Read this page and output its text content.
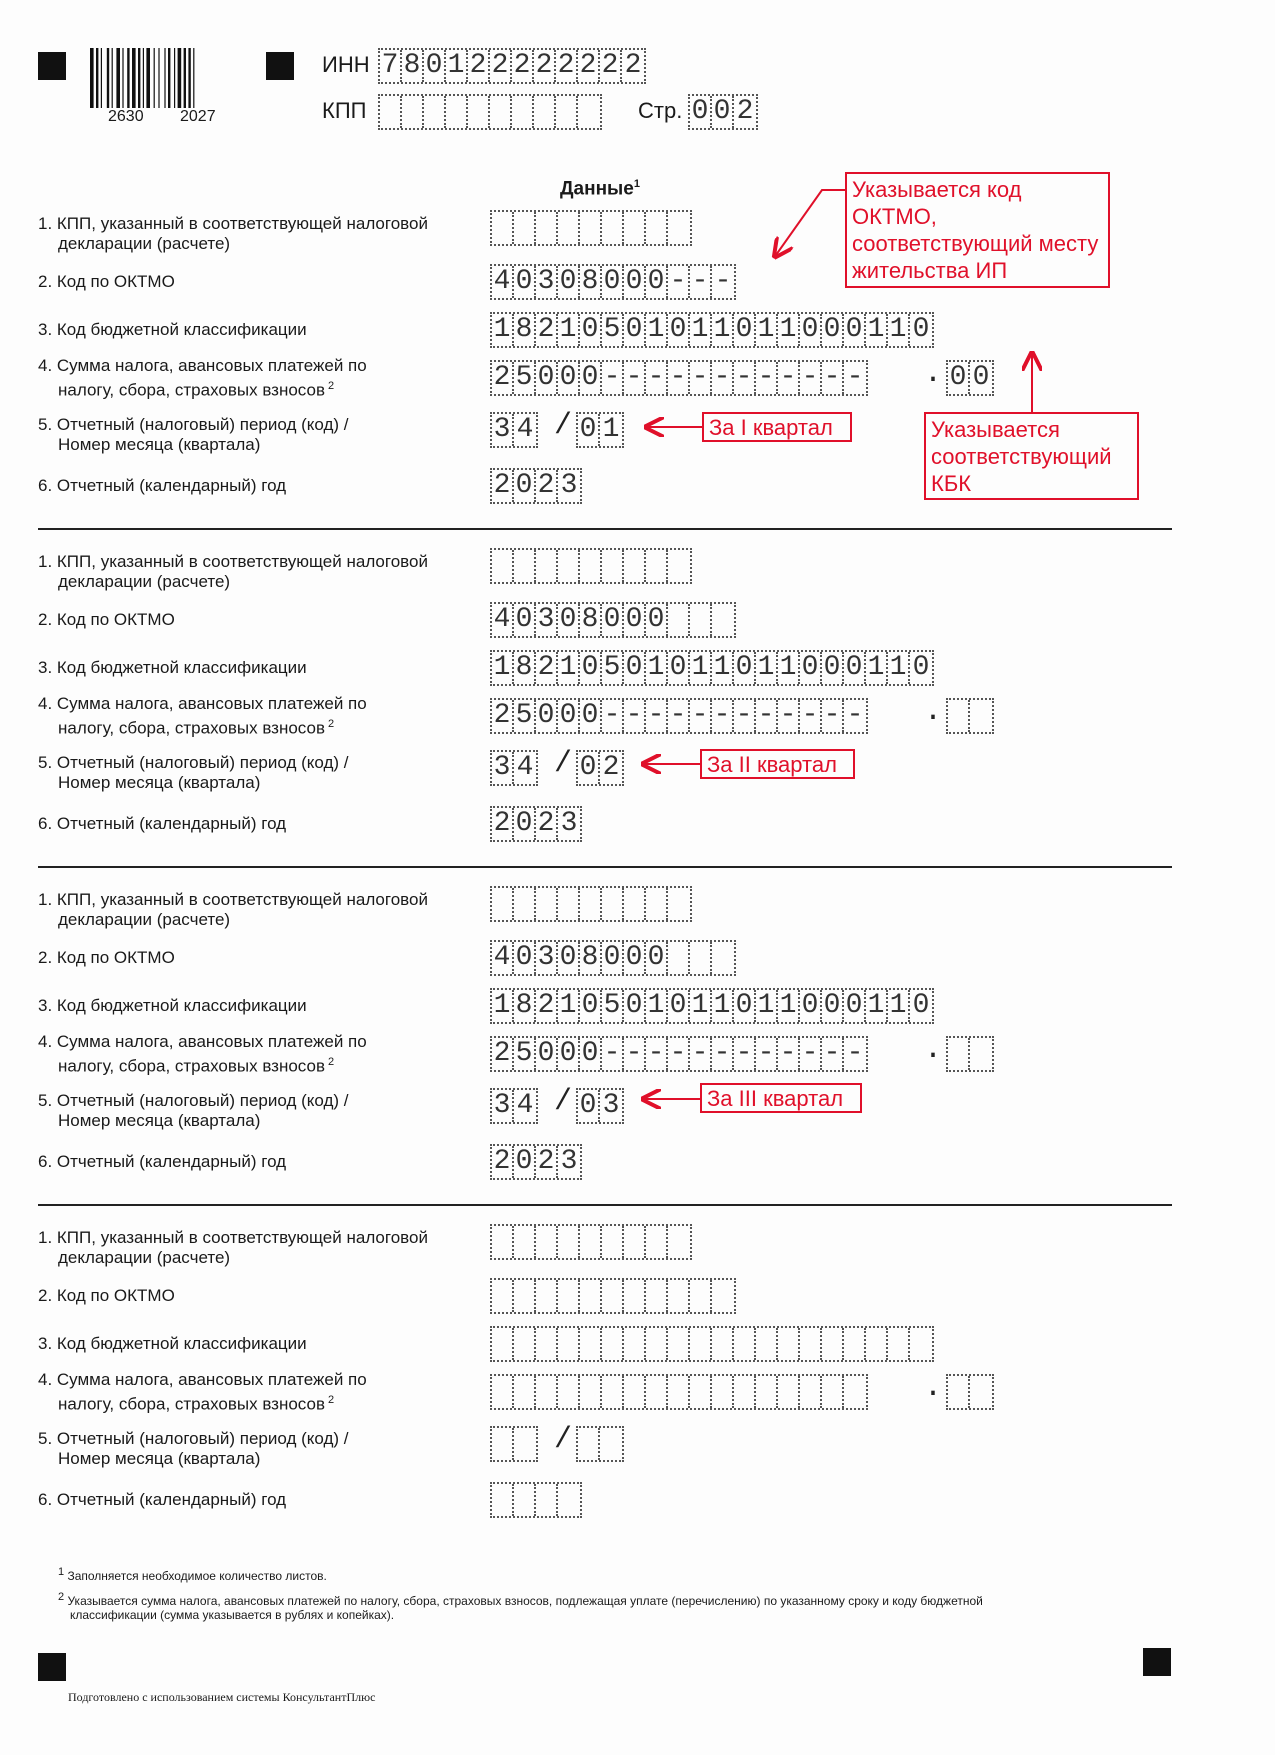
2630 2027
ИНН 7 8 0 1 2 2 2 2 2 2 2 2
КПП	Стр. 0 0 2
Данные$^1$
1. КПП, указанный в соответствующей налоговой
декларации (расчете)
2. Код по ОКТМО
3. Код бюджетной классификации
4. Сумма налога, авансовых платежей по
налогу, сбора, страховых взносов $^2$
5. Отчетный (налоговый) период (код) /
Номер месяца (квартала)
6. Отчетный (календарный) год
4 0 3 0 8 0 0 0 - - -
1 8 2 1 0 5 0 1 0 1 1 0 1 1 0 0 0 1 1 0
2 5 0 0 0 - - - - - - - - - - - - . 0 0
3 4 / 0 1
2 0 2 3
1. КПП, указанный в соответствующей налоговой
декларации (расчете)
2. Код по ОКТМО
3. Код бюджетной классификации
4. Сумма налога, авансовых платежей по
налогу, сбора, страховых взносов $^2$
5. Отчетный (налоговый) период (код) /
Номер месяца (квартала)
6. Отчетный (календарный) год
4 0 3 0 8 0 0 0
1 8 2 1 0 5 0 1 0 1 1 0 1 1 0 0 0 1 1 0
2 5 0 0 0 - - - - - - - - - - - - .
3 4 / 0 2
2 0 2 3
1. КПП, указанный в соответствующей налоговой
декларации (расчете)
2. Код по ОКТМО
3. Код бюджетной классификации
4. Сумма налога, авансовых платежей по
налогу, сбора, страховых взносов $^2$
5. Отчетный (налоговый) период (код) /
Номер месяца (квартала)
6. Отчетный (календарный) год
4 0 3 0 8 0 0 0
1 8 2 1 0 5 0 1 0 1 1 0 1 1 0 0 0 1 1 0
2 5 0 0 0 - - - - - - - - - - - - .
3 4 / 0 3
2 0 2 3
1. КПП, указанный в соответствующей налоговой
декларации (расчете)
2. Код по ОКТМО
3. Код бюджетной классификации
4. Сумма налога, авансовых платежей по
налогу, сбора, страховых взносов $^2$
5. Отчетный (налоговый) период (код) /
Номер месяца (квартала)
6. Отчетный (календарный) год
.
/
Указывается код ОКТМО, соответствующий месту жительства ИП
Указывается соответствующий КБК
За I квартал
За II квартал
За III квартал
$^1$ Заполняется необходимое количество листов.
$^2$ Указывается сумма налога, авансовых платежей по налогу, сбора, страховых взносов, подлежащая уплате (перечислению) по указанному сроку и коду бюджетной
классификации (сумма указывается в рублях и копейках).
Подготовлено с использованием системы КонсультантПлюс
